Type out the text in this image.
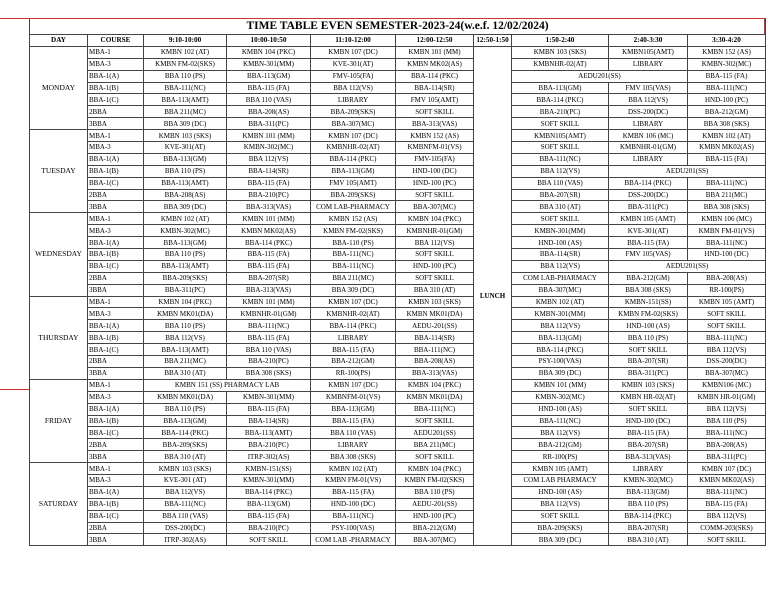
TIME TABLE EVEN SEMESTER-2023-24(w.e.f. 12/02/2024)									
DAY	COURSE	9:10-10:00	10:00-10:50	11:10-12:00	12:00-12:50	12:50-1:50	1:50-2:40	2:40-3:30	3:30-4:20
MONDAY	MBA-1	KMBN 102 (AT)	KMBN 104 (PKC)	KMBN 107 (DC)	KMBN 101 (MM)	LUNCH	KMBN 103 (SKS)	KMBN105(AMT)	KMBN 152 (AS)
	MBA-3	KMBN FM-02(SKS)	KMBN-301(MM)	KVE-301(AT)	KMBN MK02(AS)		KMBNHR-02(AT)	LIBRARY	KMBN-302(MC)
	BBA-1(A)	BBA 110 (PS)	BBA-113(GM)	FMV-105(FA)	BBA-114 (PKC)		AEDU201(SS)		BBA-115 (FA)
	BBA-1(B)	BBA-111(NC)	BBA-115 (FA)	BBA 112(VS)	BBA-114(SR)		BBA-113(GM)	FMV 105(VAS)	BBA-111(NC)
	BBA-1(C)	BBA-113(AMT)	BBA 110 (VAS)	LIBRARY	FMV 105(AMT)		BBA-114 (PKC)	BBA 112(VS)	HND-100 (PC)
	2BBA	BBA 211(MC)	BBA-208(AS)	BBA-209(SKS)	SOFT SKILL		BBA-210(PC)	DSS-200(DC)	BBA-212(GM)
	3BBA	BBA 309 (DC)	BBA-311(PC)	BBA-307(MC)	BBA-313(VAS)		SOFT SKILL	LIBRARY	BBA 308 (SKS)
TUESDAY	MBA-1	KMBN 103 (SKS)	KMBN 101 (MM)	KMBN 107 (DC)	KMBN 152 (AS)		KMBN105(AMT)	KMBN 106 (MC)	KMBN 102 (AT)
	MBA-3	KVE-301(AT)	KMBN-302(MC)	KMBNHR-02(AT)	KMBNFM-01(VS)		SOFT SKILL	KMBNHR-01(GM)	KMBN MK02(AS)
	BBA-1(A)	BBA-113(GM)	BBA 112(VS)	BBA-114 (PKC)	FMV-105(FA)		BBA-111(NC)	LIBRARY	BBA-115 (FA)
	BBA-1(B)	BBA 110 (PS)	BBA-114(SR)	BBA-113(GM)	HND-100 (DC)		BBA 112(VS)	AEDU201(SS)	
	BBA-1(C)	BBA-113(AMT)	BBA-115 (FA)	FMV 105(AMT)	HND-100 (PC)		BBA 110 (VAS)	BBA-114 (PKC)	BBA-111(NC)
	2BBA	BBA-208(AS)	BBA-210(PC)	BBA-209(SKS)	SOFT SKILL		BBA-207(SR)	DSS-200(DC)	BBA 211(MC)
	3BBA	BBA 309 (DC)	BBA-313(VAS)	COM LAB-PHARMACY	BBA-307(MC)		BBA 310 (AT)	BBA-311(PC)	BBA 308 (SKS)
WEDNESDAY	MBA-1	KMBN 102 (AT)	KMBN 101 (MM)	KMBN 152 (AS)	KMBN 104 (PKC)		SOFT SKILL	KMBN 105 (AMT)	KMBN 106 (MC)
	MBA-3	KMBN-302(MC)	KMBN MK02(AS)	KMBN FM-02(SKS)	KMBNHR-01(GM)		KMBN-301(MM)	KVE-301(AT)	KMBN FM-01(VS)
	BBA-1(A)	BBA-113(GM)	BBA-114 (PKC)	BBA-110 (PS)	BBA 112(VS)		HND-100 (AS)	BBA-115 (FA)	BBA-111(NC)
	BBA-1(B)	BBA 110 (PS)	BBA-115 (FA)	BBA-111(NC)	SOFT SKILL		BBA-114(SR)	FMV 105(VAS)	HND-100 (DC)
	BBA-1(C)	BBA-113(AMT)	BBA-115 (FA)	BBA-111(NC)	HND-100 (PC)		BBA 112(VS)	AEDU201(SS)	
	2BBA	BBA-209(SKS)	BBA-207(SR)	BBA 211(MC)	SOFT SKILL		COM LAB-PHARMACY	BBA-212(GM)	BBA-208(AS)
	3BBA	BBA-311(PC)	BBA-313(VAS)	BBA 309 (DC)	BBA 310 (AT)		BBA-307(MC)	BBA 308 (SKS)	RR-100(PS)
THURSDAY	MBA-1	KMBN 104 (PKC)	KMBN 101 (MM)	KMBN 107 (DC)	KMBN 103 (SKS)		KMBN 102 (AT)	KMBN-151(SS)	KMBN 105 (AMT)
	MBA-3	KMBN MK01(DA)	KMBNHR-01(GM)	KMBNHR-02(AT)	KMBN MK01(DA)		KMBN-301(MM)	KMBN FM-02(SKS)	SOFT SKILL
	BBA-1(A)	BBA 110 (PS)	BBA-111(NC)	BBA-114 (PKC)	AEDU-201(SS)		BBA 112(VS)	HND-100 (AS)	SOFT SKILL
	BBA-1(B)	BBA 112(VS)	BBA-115 (FA)	LIBRARY	BBA-114(SR)		BBA-113(GM)	BBA 110 (PS)	BBA-111(NC)
	BBA-1(C)	BBA-113(AMT)	BBA 110 (VAS)	BBA-115 (FA)	BBA-111(NC)		BBA-114 (PKC)	SOFT SKILL	BBA 112(VS)
	2BBA	BBA 211(MC)	BBA-210(PC)	BBA-212(GM)	BBA-208(AS)		PSY-100(VAS)	BBA-207(SR)	DSS-200(DC)
	3BBA	BBA 310 (AT)	BBA 308 (SKS)	RR-100(PS)	BBA-313(VAS)		BBA 309 (DC)	BBA-311(PC)	BBA-307(MC)
FRIDAY	MBA-1	KMBN 151 (SS) PHARMACY LAB		KMBN 107 (DC)	KMBN 104 (PKC)		KMBN 101 (MM)	KMBN 103 (SKS)	KMBN106 (MC)
	MBA-3	KMBN MK01(DA)	KMBN-301(MM)	KMBNFM-01(VS)	KMBN MK01(DA)		KMBN-302(MC)	KMBN HR-02(AT)	KMBN HR-01(GM)
	BBA-1(A)	BBA 110 (PS)	BBA-115 (FA)	BBA-113(GM)	BBA-111(NC)		HND-100 (AS)	SOFT SKILL	BBA 112(VS)
	BBA-1(B)	BBA-113(GM)	BBA-114(SR)	BBA-115 (FA)	SOFT SKILL		BBA-111(NC)	HND-100 (DC)	BBA 110 (PS)
	BBA-1(C)	BBA-114 (PKC)	BBA-113(AMT)	BBA 110 (VAS)	AEDU201(SS)		BBA 112(VS)	BBA-115 (FA)	BBA-111(NC)
	2BBA	BBA-209(SKS)	BBA-210(PC)	LIBRARY	BBA 211(MC)		BBA-212(GM)	BBA-207(SR)	BBA-208(AS)
	3BBA	BBA 310 (AT)	ITRP-302(AS)	BBA 308 (SKS)	SOFT SKILL		RR-100(PS)	BBA-313(VAS)	BBA-311(PC)
SATURDAY	MBA-1	KMBN 103 (SKS)	KMBN-151(SS)	KMBN 102 (AT)	KMBN 104 (PKC)		KMBN 105 (AMT)	LIBRARY	KMBN 107 (DC)
	MBA-3	KVE-301 (AT)	KMBN-301(MM)	KMBN FM-01(VS)	KMBN FM-02(SKS)		COM LAB PHARMACY	KMBN-302(MC)	KMBN MK02(AS)
	BBA-1(A)	BBA 112(VS)	BBA-114 (PKC)	BBA-115 (FA)	BBA 110 (PS)		HND-100 (AS)	BBA-113(GM)	BBA-111(NC)
	BBA-1(B)	BBA-111(NC)	BBA-113(GM)	HND-100 (DC)	AEDU-201(SS)		BBA 112(VS)	BBA 110 (PS)	BBA-115 (FA)
	BBA-1(C)	BBA 110 (VAS)	BBA-115 (FA)	BBA-111(NC)	HND-100 (PC)		SOFT SKILL	BBA-114 (PKC)	BBA 112(VS)
	2BBA	DSS-200(DC)	BBA-210(PC)	PSY-100(VAS)	BBA-212(GM)		BBA-209(SKS)	BBA-207(SR)	COMM-203(SKS)
	3BBA	ITRP-302(AS)	SOFT SKILL	COM LAB -PHARMACY	BBA-307(MC)		BBA 309 (DC)	BBA 310 (AT)	SOFT SKILL
